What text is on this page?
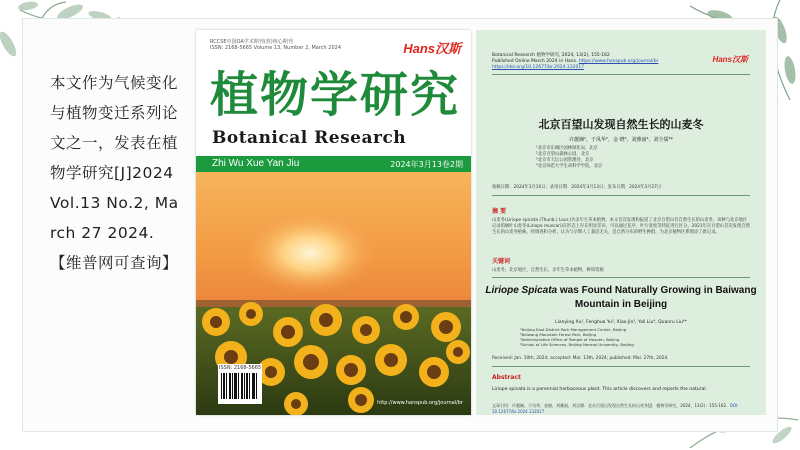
本文作为气候变化与植物变迁系列论文之一，发表在植物学研究[J]2024 Vol.13 No.2, March 27 2024.【维普网可查询】
RCCSE中国OA学术期刊(准)核心期刊
ISSN: 2168-5665 Volume 13, Number 2, March 2024	Hans汉斯
植物学研究
Botanical Research
Zhi Wu Xue Yan Jiu	2024年3月13卷2期
ISSN: 2168-5665
http://www.hanspub.org/journal/br
Botanical Research 植物学研究, 2024, 13(2), 155-162
Published Online March 2024 in Hans. https://www.hanspub.org/journal/br
https://doi.org/10.12677/br.2024.132017
Hans汉斯
北京百望山发现自然生长的山麦冬
许靓娴¹，于凤华²，金 晓³，刘雅丽⁴，刘全儒⁴*
¹北京市东城区园林绿化局，北京
²北京百望山森林公园，北京
³北京市天坛公园管理处，北京
⁴北京师范大学生命科学学院，北京
收稿日期：2024年1月10日；录用日期：2024年3月13日；发布日期：2024年3月27日
摘 要
山麦冬(Liriope spicata (Thunb.) Lour.)为多年生草本植物。本文首次发现和报道了北京百望山有自然生长的山麦冬，该种与北京地区记录的阔叶山麦冬(Liriope muscari)在形态上存在明显差异，可以通过花序、叶片宽度等特征进行区分。2021年在百望山首次发现自然生长的山麦冬植株，经调查和分析，认为与早期人工栽培无关，是自然分布的野生种群，为北京植物区系增添了新记录。
关键词
山麦冬，北京地区，自然生长，多年生草本植物，种质资源
Liriope Spicata was Found Naturally Growing in Baiwang Mountain in Beijing
Lianying Xu¹, Fenghua Yu², Xiao Jin³, Yali Liu⁴, Quanru Liu⁴*
¹Beijing East District Park Management Center, Beijing
²Baiwang Mountain Forest Park, Beijing
³Administrative Office of Temple of Heaven, Beijing
⁴School of Life Sciences, Beijing Normal University, Beijing
Received: Jan. 10th, 2024; accepted: Mar. 13th, 2024; published: Mar. 27th, 2024
Abstract
Liriope spicata is a perennial herbaceous plant. This article discovers and reports the natural
文章引用：许靓娴，于凤华，金晓，刘雅丽，刘全儒．北京百望山发现自然生长的山麦冬[J]．植物学研究，2024，13(2)：155-162．DOI: 10.12677/br.2024.132017
